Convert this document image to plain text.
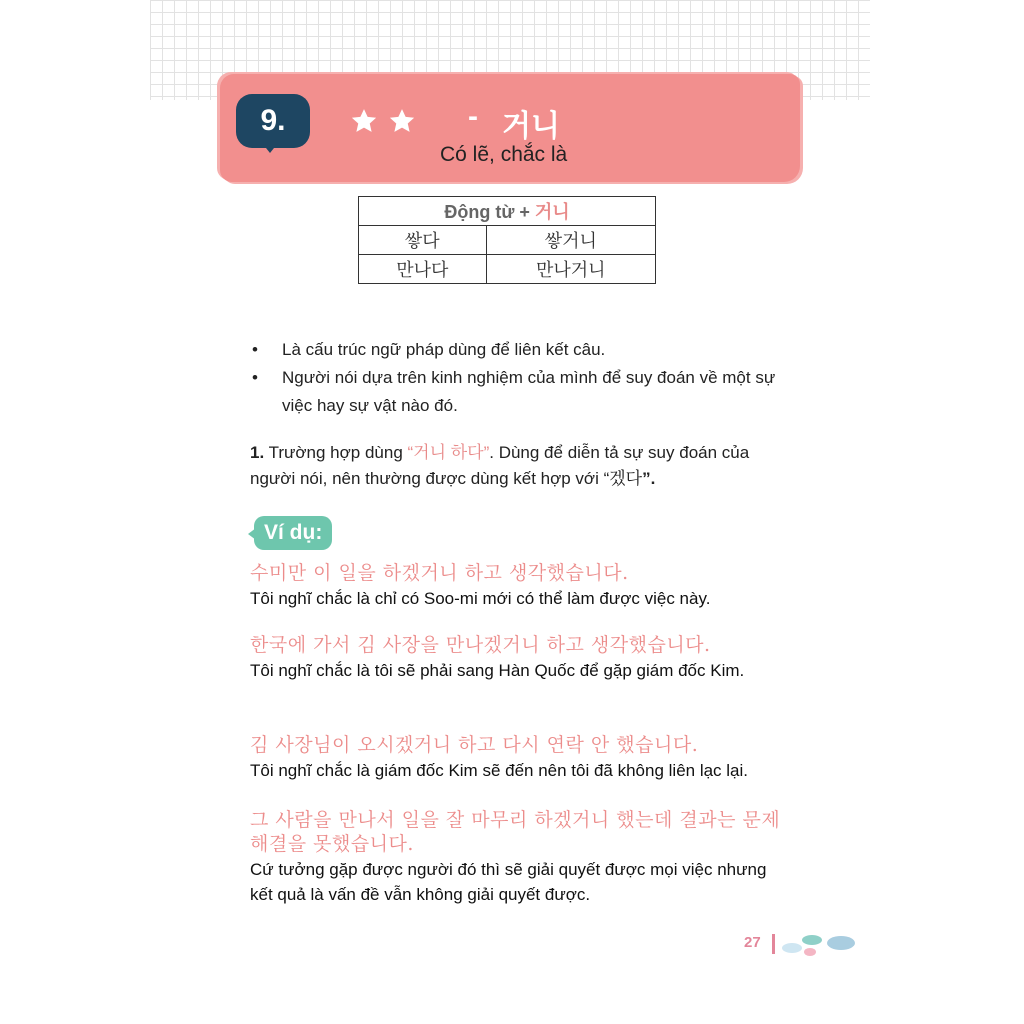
9.	- 거니
Có lẽ, chắc là
Động từ + 거니	
쌓다	쌓거니
만나다	만나거니
•	Là cấu trúc ngữ pháp dùng để liên kết câu.
•	Người nói dựa trên kinh nghiệm của mình để suy đoán về một sự việc hay sự vật nào đó.
1. Trường hợp dùng “거니 하다”. Dùng để diễn tả sự suy đoán của người nói, nên thường được dùng kết hợp với “겠다”.
Ví dụ:
수미만 이 일을 하겠거니 하고 생각했습니다.
Tôi nghĩ chắc là chỉ có Soo-mi mới có thể làm được việc này.
한국에 가서 김 사장을 만나겠거니 하고 생각했습니다.
Tôi nghĩ chắc là tôi sẽ phải sang Hàn Quốc để gặp giám đốc Kim.
김 사장님이 오시겠거니 하고 다시 연락 안 했습니다.
Tôi nghĩ chắc là giám đốc Kim sẽ đến nên tôi đã không liên lạc lại.
그 사람을 만나서 일을 잘 마무리 하겠거니 했는데 결과는 문제 해결을 못했습니다.
Cứ tưởng gặp được người đó thì sẽ giải quyết được mọi việc nhưng kết quả là vấn đề vẫn không giải quyết được.
27
